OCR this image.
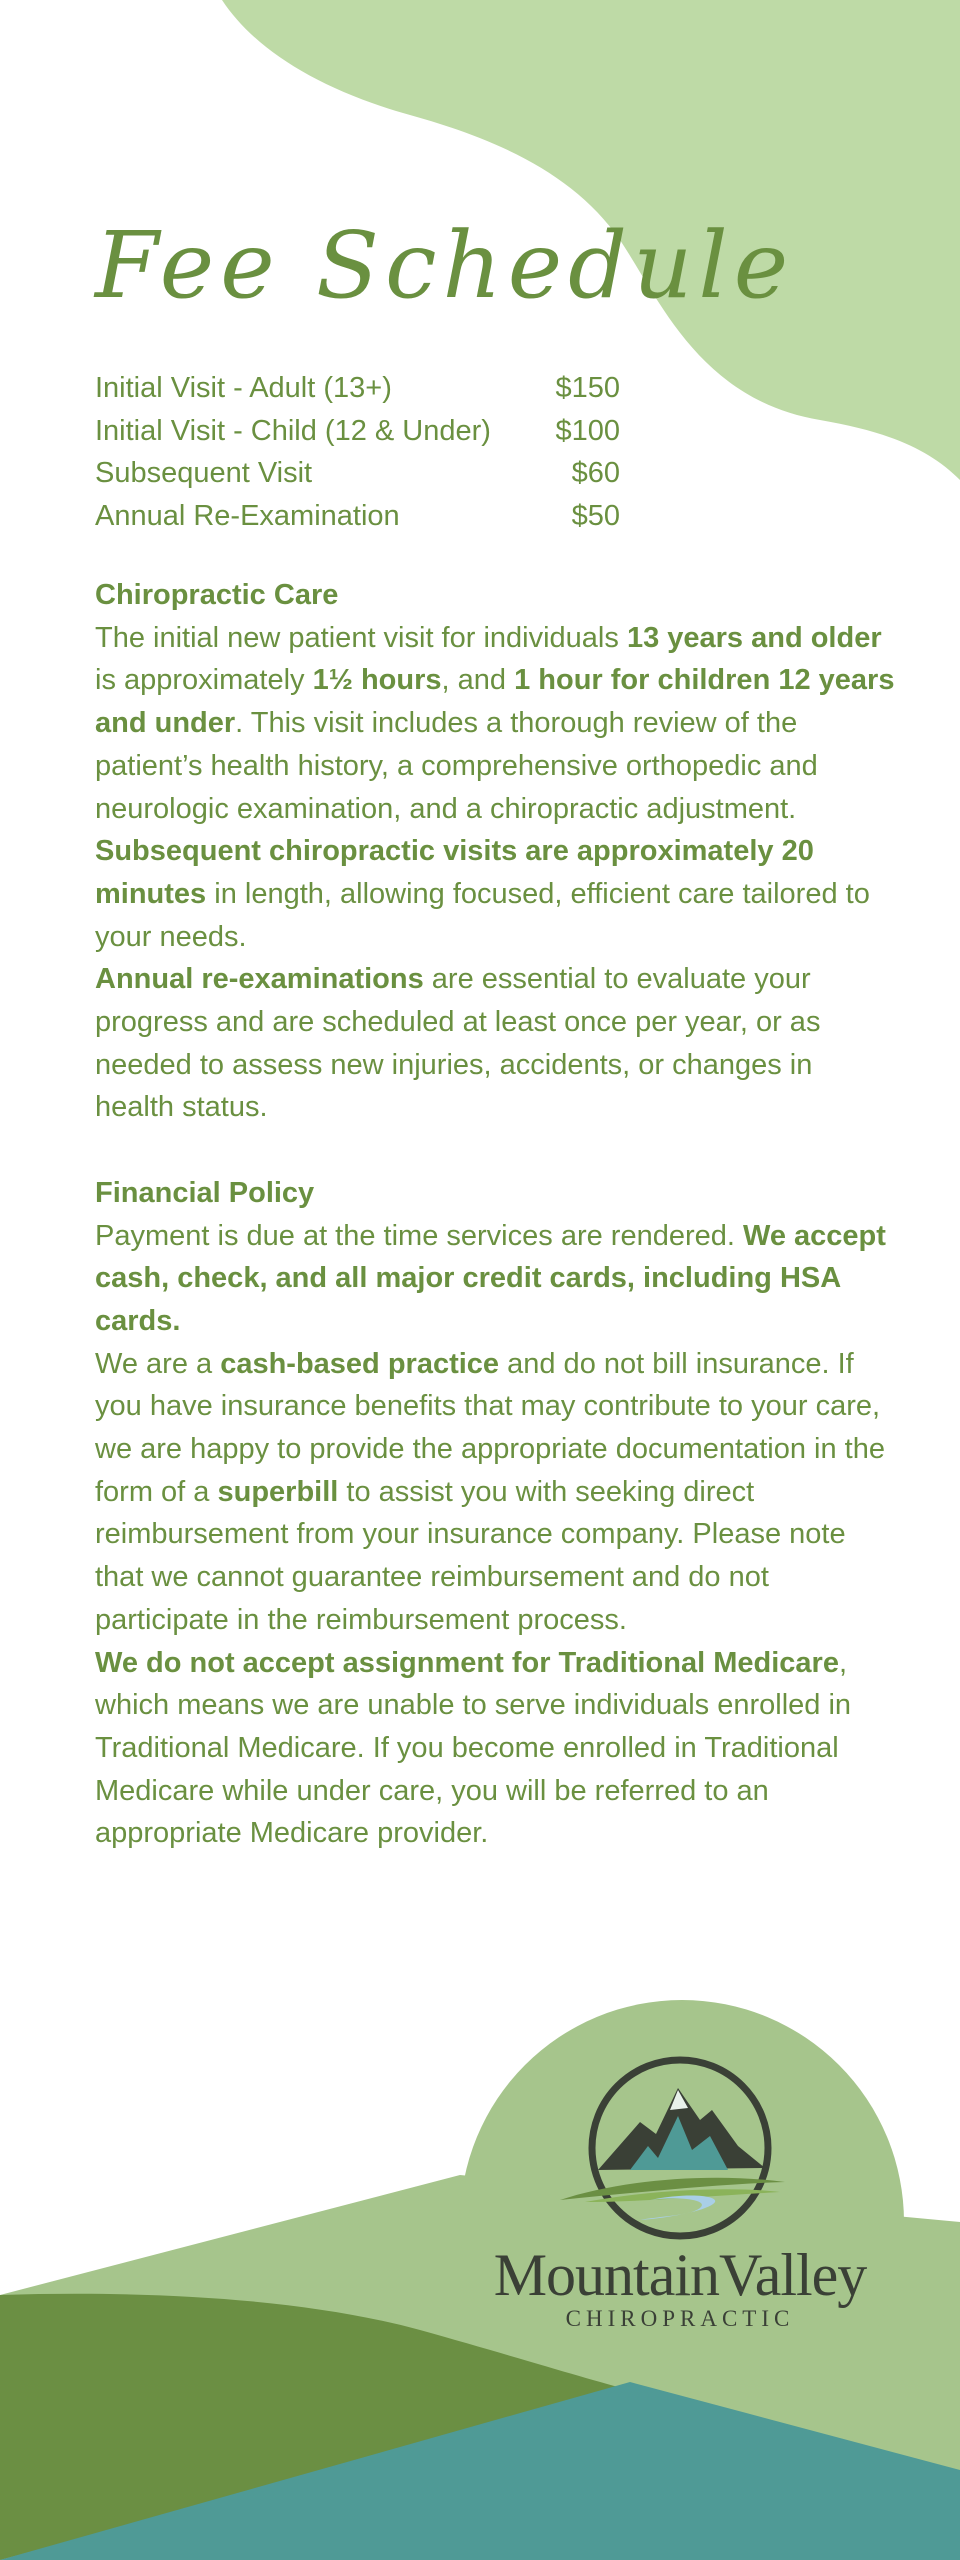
Fee Schedule
Initial Visit - Adult (13+)	$150
Initial Visit - Child (12 & Under)	$100
Subsequent Visit	$60
Annual Re-Examination	$50
Chiropractic Care

The initial new patient visit for individuals 13 years and older is approximately 1½ hours, and 1 hour for children 12 years and under. This visit includes a thorough review of the patient’s health history, a comprehensive orthopedic and neurologic examination, and a chiropractic adjustment.

Subsequent chiropractic visits are approximately 20 minutes in length, allowing focused, efficient care tailored to your needs.

Annual re-examinations are essential to evaluate your progress and are scheduled at least once per year, or as needed to assess new injuries, accidents, or changes in health status.

Financial Policy

Payment is due at the time services are rendered. We accept cash, check, and all major credit cards, including HSA cards.

We are a cash-based practice and do not bill insurance. If you have insurance benefits that may contribute to your care, we are happy to provide the appropriate documentation in the form of a superbill to assist you with seeking direct reimbursement from your insurance company. Please note that we cannot guarantee reimbursement and do not participate in the reimbursement process.

We do not accept assignment for Traditional Medicare, which means we are unable to serve individuals enrolled in Traditional Medicare. If you become enrolled in Traditional Medicare while under care, you will be referred to an appropriate Medicare provider.

MountainValley
CHIROPRACTIC
